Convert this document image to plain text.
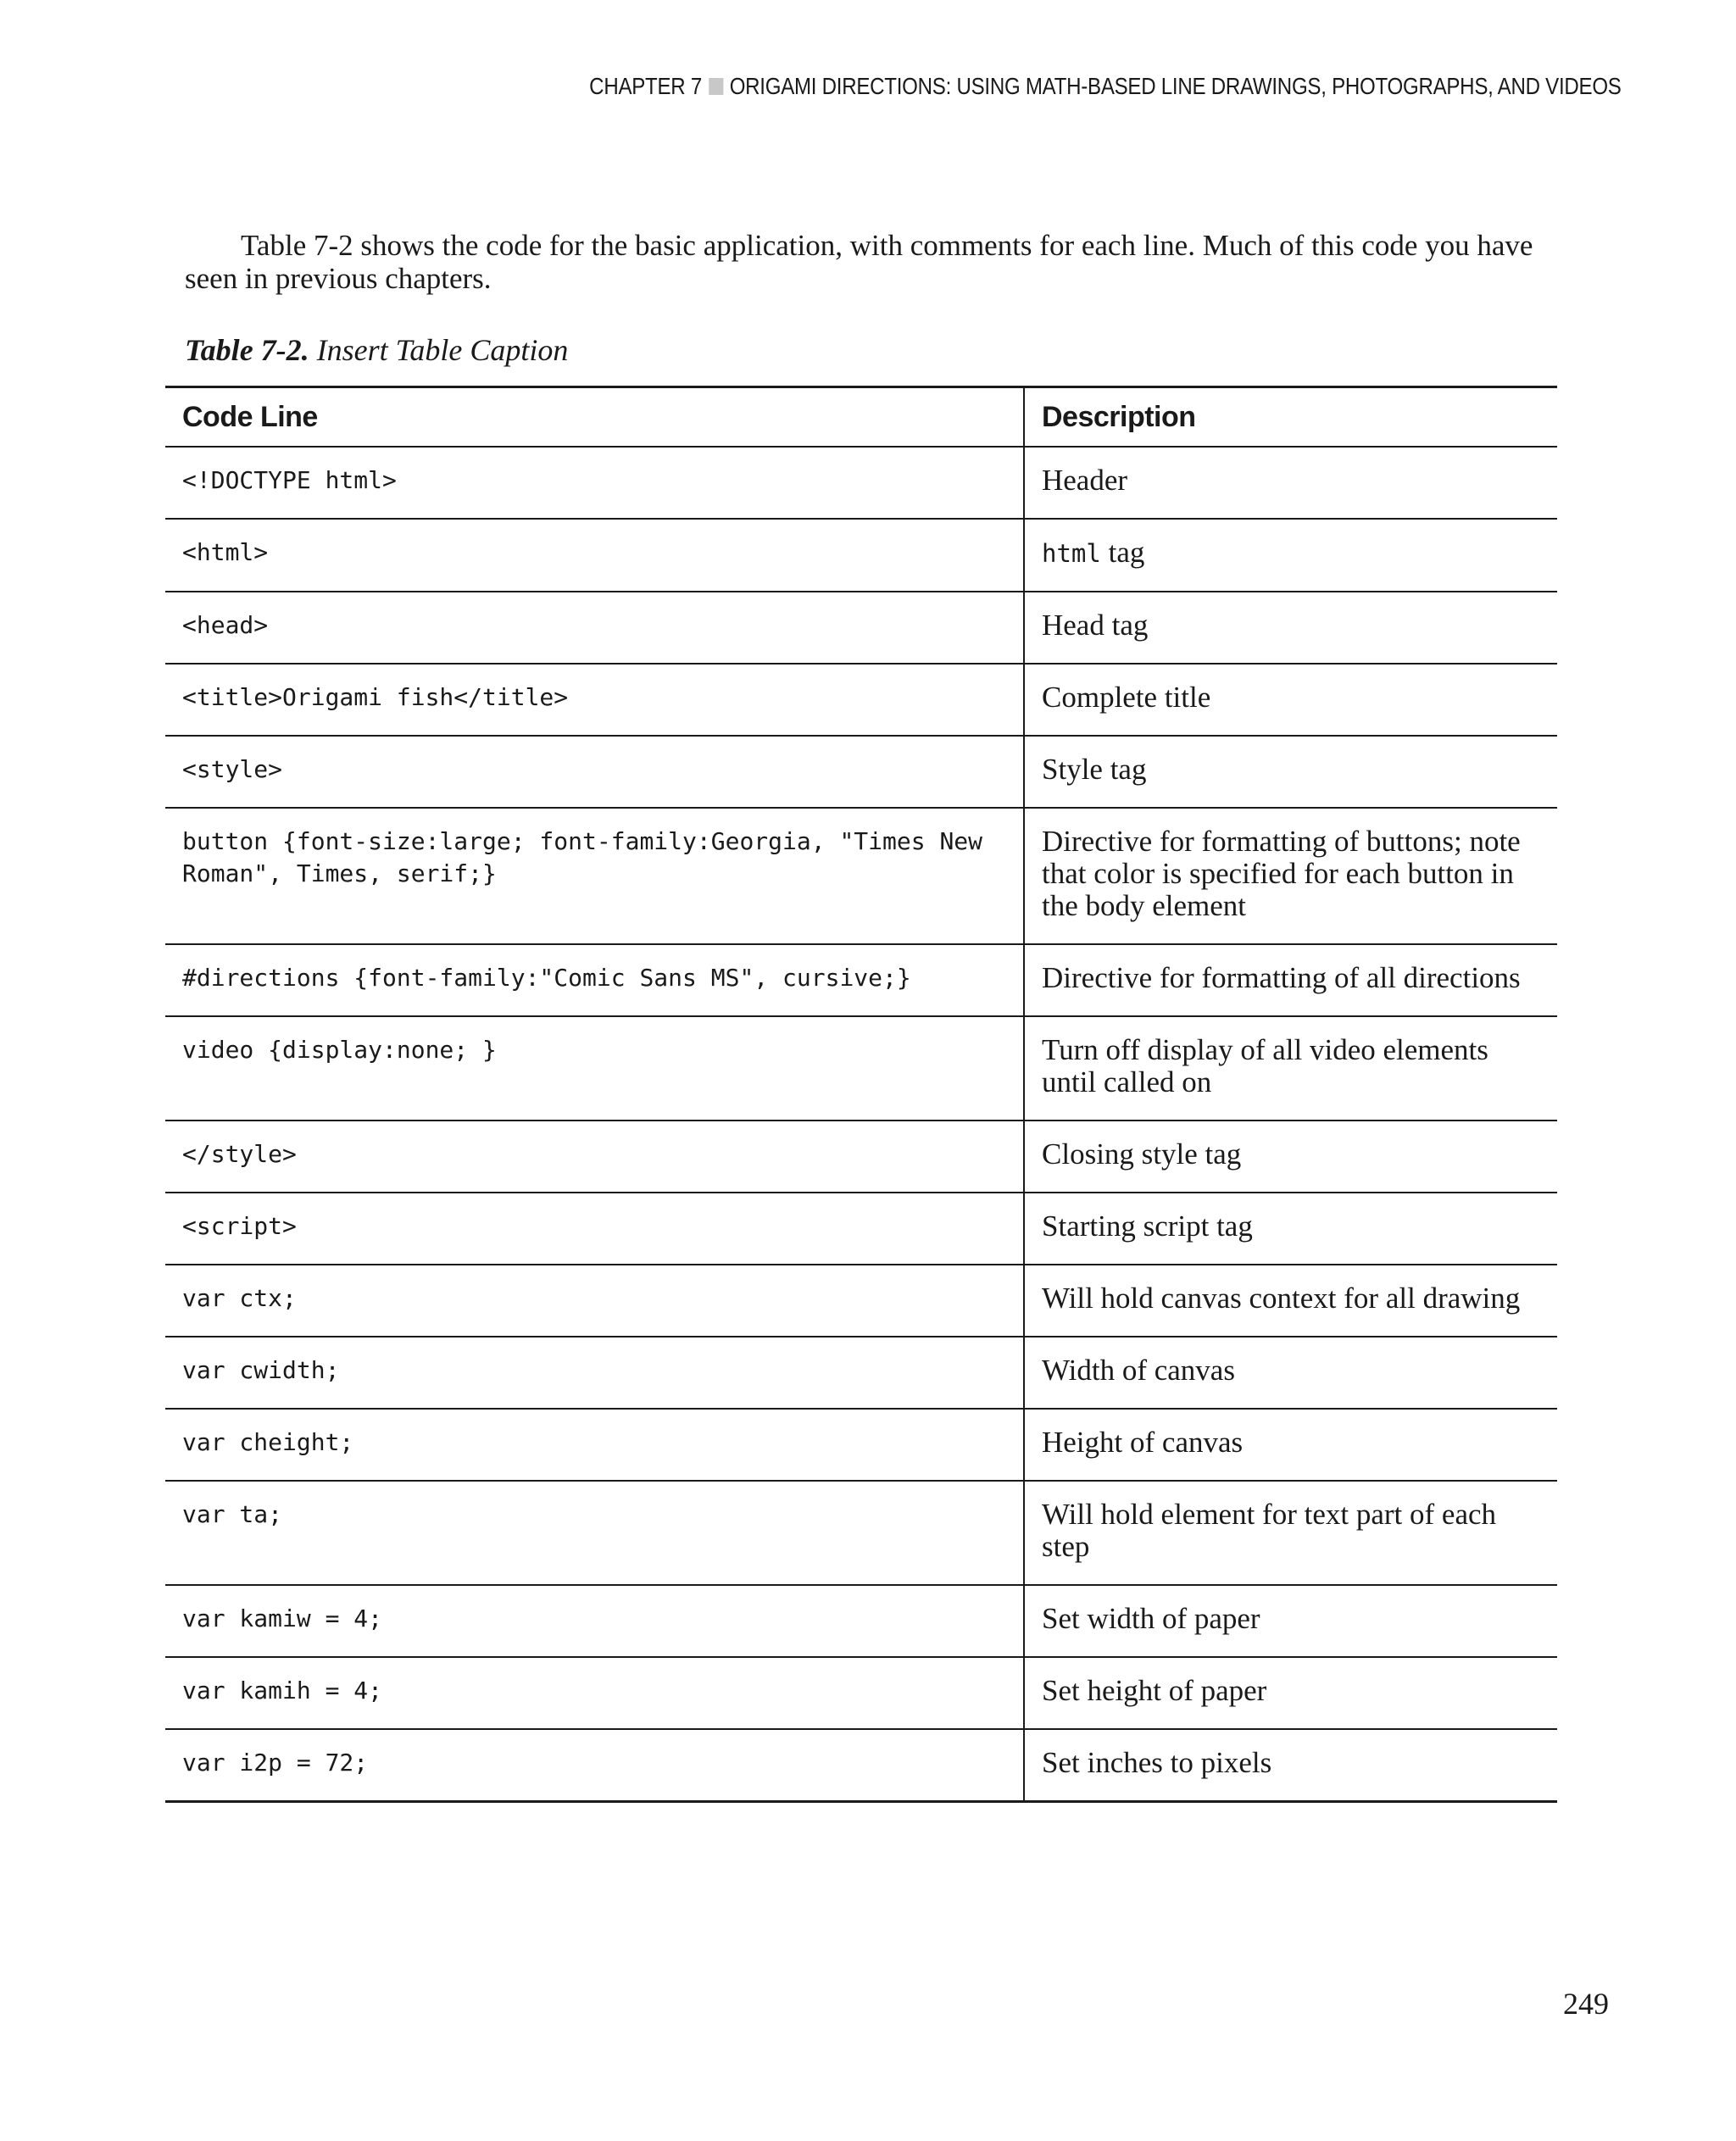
CHAPTER 7 ORIGAMI DIRECTIONS: USING MATH-BASED LINE DRAWINGS, PHOTOGRAPHS, AND VIDEOS

Table 7-2 shows the code for the basic application, with comments for each line. Much of this code you have seen in previous chapters.

Table 7-2. Insert Table Caption

Code Line	Description
<!DOCTYPE html>	Header
<html>	html tag
<head>	Head tag
<title>Origami fish</title>	Complete title
<style>	Style tag
button {font-size:large; font-family:Georgia, "Times New Roman", Times, serif;}	Directive for formatting of buttons; note that color is specified for each button in the body element
#directions {font-family:"Comic Sans MS", cursive;}	Directive for formatting of all directions
video {display:none; }	Turn off display of all video elements until called on
</style>	Closing style tag
<script>	Starting script tag
var ctx;	Will hold canvas context for all drawing
var cwidth;	Width of canvas
var cheight;	Height of canvas
var ta;	Will hold element for text part of each step
var kamiw = 4;	Set width of paper
var kamih = 4;	Set height of paper
var i2p = 72;	Set inches to pixels
249
